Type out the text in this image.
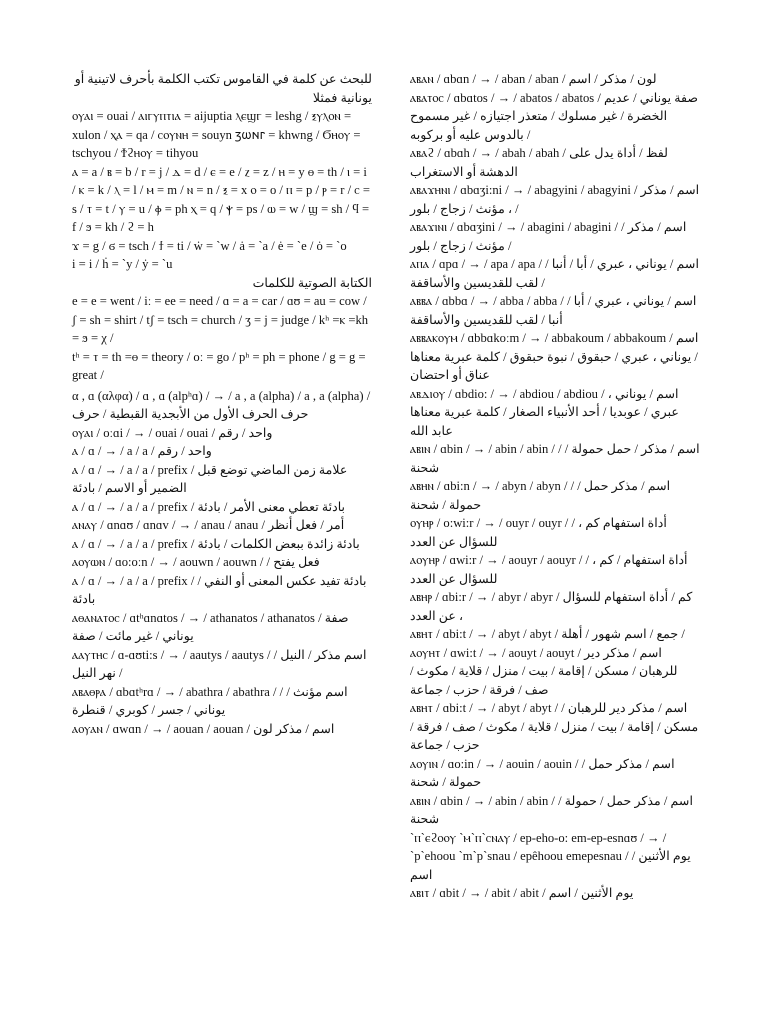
للبحث عن كلمة في القاموس تكتب الكلمة بأحرف لاتينية أو يونانية فمثلا
ⲟⲩⲁⲓ = ouai / ⲁⲓⲅⲩⲡⲧⲓⲁ = aijuptia ⲗⲉϣⲅ = leshg / ⲝⲩⲗⲟⲛ = xulon / ⲭⲁ = qa / ⲥⲟⲩⲛⲏ = souyn ⳅⲱⲛⲅ = khwng / Ϭⲏⲟⲩ = tschyou / Ϯϩⲏⲟⲩ = tihyou
ⲁ = a / ⲃ = b / r = j / ⲇ = d / ⲉ = e / ⲍ = z / ⲏ = y ⲑ = th / ⲓ = i / ⲕ = k / ⲗ = l / ⲙ = m / ⲛ = n / ⲝ = x ⲟ = o / ⲡ = p / ⲣ = r / ⲥ = s / ⲧ = t / ⲩ = u / ⲫ = ph ⲭ = q / ⲯ = ps / ⲱ = w / ϣ = sh / ϥ = f / ϧ = kh / ϩ = h
ϫ = g / ϭ = tsch / ϯ = ti / ẇ = `w / ȧ = `a / ė = `e / ȯ = `o
i = i / ḣ = `y / ẏ = `u
الكتابة الصوتية للكلمات
e = e = went / iː = ee = need / ɑ = a = car / ɑʊ = au = cow /
ʃ = sh = shirt / tʃ = tsch = church / ʒ = j = judge / kʰ =ⲕ =kh = ϧ = χ /
tʰ = ⲧ = th =ⲑ = theory / oː = go / pʰ = ph = phone / g = g = great /
α , ɑ (αλφα) / ɑ , ɑ (alpʰɑ) / → / a , a (alpha) / a , a (alpha) / حرف الحرف الأول من الأبجدية القبطية / حرف
ⲟⲩⲁⲓ / oːɑi / → / ouai / ouai / واحد / رقم
ⲁ / ɑ / → / a / a / واحد / رقم
ⲁ / ɑ / → / a / a / prefix / علامة زمن الماضي توضع قبل الضمير أو الاسم / بادئة
ⲁ / ɑ / → / a / a / prefix / بادئة تعطي معنى الأمر / بادئة
ⲁⲛⲁⲩ / ɑnɑʊ / ɑnɑv / → / anau / anau / أمر / فعل أنظر
ⲁ / ɑ / → / a / a / prefix / بادئة زائدة ببعض الكلمات / بادئة
ⲁⲟⲩⲱⲛ / ɑo:oːn / → / aouwn / aouwn / / فعل يفتح
ⲁ / ɑ / → / a / a / prefix / بادئة تفيد عكس المعنى أو النفي / بادئة
ⲁⲑⲁⲛⲁⲧⲟⲥ / ɑtʰɑnɑtos / → / athanatos / athanatos / صفة يوناني / غير مائت / صفة
ⲁⲁⲩⲧⲏⲥ / ɑ-ɑʊti:s / → / aautys / aautys / اسم مذكر / النيل / نهر النيل /
ⲁⲃⲁⲑⲣⲁ / ɑbɑtʰrɑ / → / abathra / abathra / / اسم مؤنث / يوناني / جسر / كوبري / قنطرة
ⲁⲟⲩⲁⲛ / ɑwɑn / → / aouan / aouan / اسم / مذكر لون
ⲁⲃⲁⲛ / ɑbɑn / → / aban / aban / لون / مذكر / اسم
ⲁⲃⲁⲧⲟⲥ / ɑbɑtos / → / abatos / abatos / صفة يوناني / عديم الخضرة / غير مسلوك / متعذر اجتيازه / غير مسموح بالدوس عليه أو بركوبه /
ⲁⲃⲁϩ / ɑbɑh / → / abah / abah / لفظ / أداة يدل على الدهشة أو الاستغراب
ⲁⲃⲁϫⲏⲛⲓ / ɑbɑʒi:ni / → / abagyini / abagyini / اسم / مذكر ، مؤنث / زجاج / بلور /
ⲁⲃⲁϫⲓⲛⲓ / ɑbɑʒini / → / abagini / abagini / اسم / مذكر / مؤنث / زجاج / بلور /
ⲁⲡⲁ / ɑpɑ / → / apa / apa / / اسم / يوناني ، عبري / أبا / أنبا / لقب للقديسين والأساقفة
ⲁⲃⲃⲁ / ɑbbɑ / → / abba / abba / اسم / يوناني ، عبري / أبا / أنبا / لقب للقديسين والأساقفة
ⲁⲃⲃⲁⲕⲟⲩⲙ / ɑbbɑkoːm / → / abbakoum / abbakoum / اسم / يوناني ، عبري / حبقوق / نبوة حبقوق / كلمة عبرية معناها عناق أو احتضان
ⲁⲃⲇⲓⲟⲩ / ɑbdio: / → / abdiou / abdiou / اسم / يوناني ، عبري / عوبديا / أحد الأنبياء الصغار / كلمة عبرية معناها عابد الله
ⲁⲃⲓⲛ / ɑbin / → / abin / abin / / اسم / مذكر / حمل حمولة / شحنة
ⲁⲃⲏⲛ / ɑbi:n / → / abyn / abyn / / اسم / مذكر حمل / حمولة / شحنة
ⲟⲩⲏⲣ / o:wi:r / → / ouyr / ouyr / / أداة استفهام كم ، للسؤال عن العدد
ⲁⲟⲩⲏⲣ / ɑwi:r / → / aouyr / aouyr / / أداة استفهام / كم ، للسؤال عن العدد
ⲁⲃⲏⲣ / ɑbi:r / → / abyr / abyr / كم / أداة استفهام للسؤال عن العدد ،
ⲁⲃⲏⲧ / ɑbi:t / → / abyt / abyt / جمع / اسم شهور / أهلة /
ⲁⲟⲩⲏⲧ / ɑwi:t / → / aouyt / aouyt / اسم / مذكر دير للرهبان / مسكن / إقامة / بيت / منزل / قلاية / مكوث / صف / فرقة / حزب / جماعة
ⲁⲃⲏⲧ / ɑbi:t / → / abyt / abyt / اسم / مذكر دير للرهبان / مسكن / إقامة / بيت / منزل / قلاية / مكوث / صف / فرقة / حزب / جماعة
ⲁⲟⲩⲓⲛ / ɑo:in / → / aouin / aouin / اسم / مذكر حمل / حمولة / شحنة
ⲁⲃⲓⲛ / ɑbin / → / abin / abin / اسم / مذكر حمل / حمولة / شحنة
`ⲡ`ⲉϩⲟⲟⲩ `ⲙ`ⲡ`ⲥⲛⲁⲩ / ep-eho-o: em-ep-esnɑʊ / → / `p`ehoou `m`p`snau / epêhoou emepesnau / يوم الأثنين / اسم
ⲁⲃⲓⲧ / ɑbit / → / abit / abit / يوم الأثنين / اسم
